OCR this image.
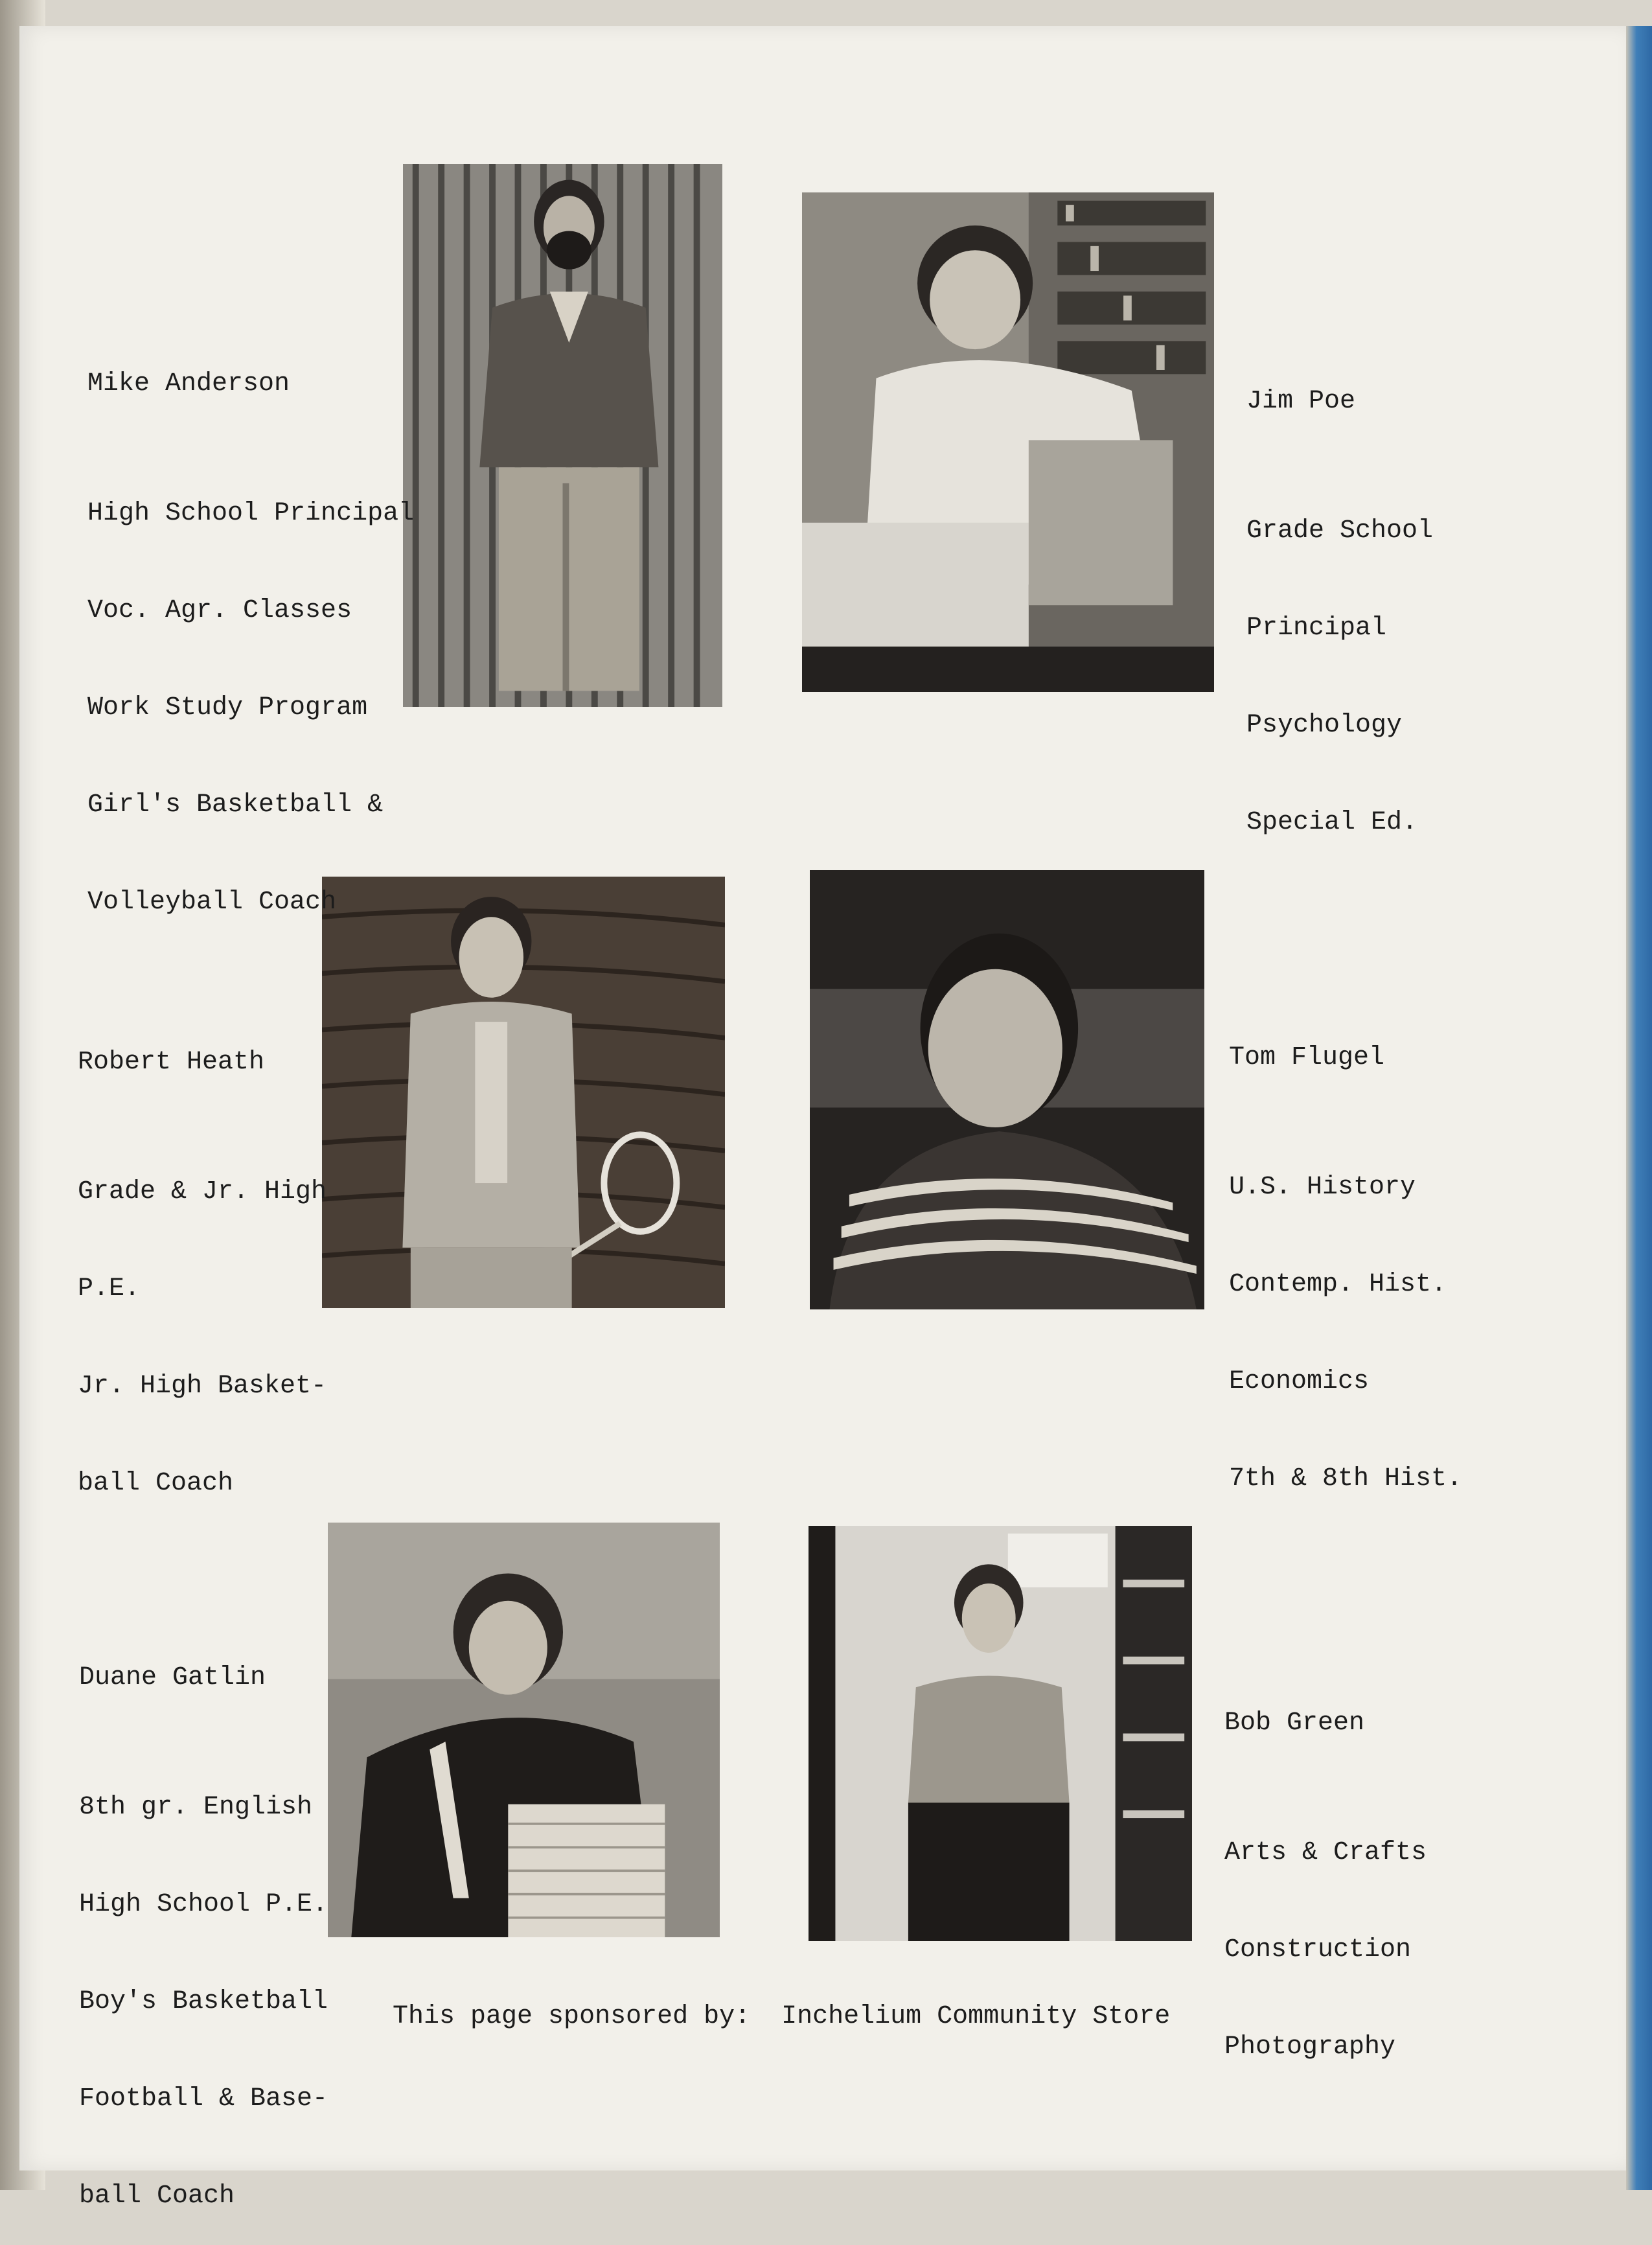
Mike Anderson

High School Principal

Voc. Agr. Classes

Work Study Program

Girl's Basketball &

Volleyball Coach

Jim Poe

Grade School

Principal

Psychology

Special Ed.

Robert Heath

Grade & Jr. High

P.E.

Jr. High Basket-

ball Coach

Tom Flugel

U.S. History

Contemp. Hist.

Economics

7th & 8th Hist.

Duane Gatlin

8th gr. English

High School P.E.

Boy's Basketball

Football & Base-

ball Coach

Bob Green

Arts & Crafts

Construction

Photography

This page sponsored by: Inchelium Community Store
